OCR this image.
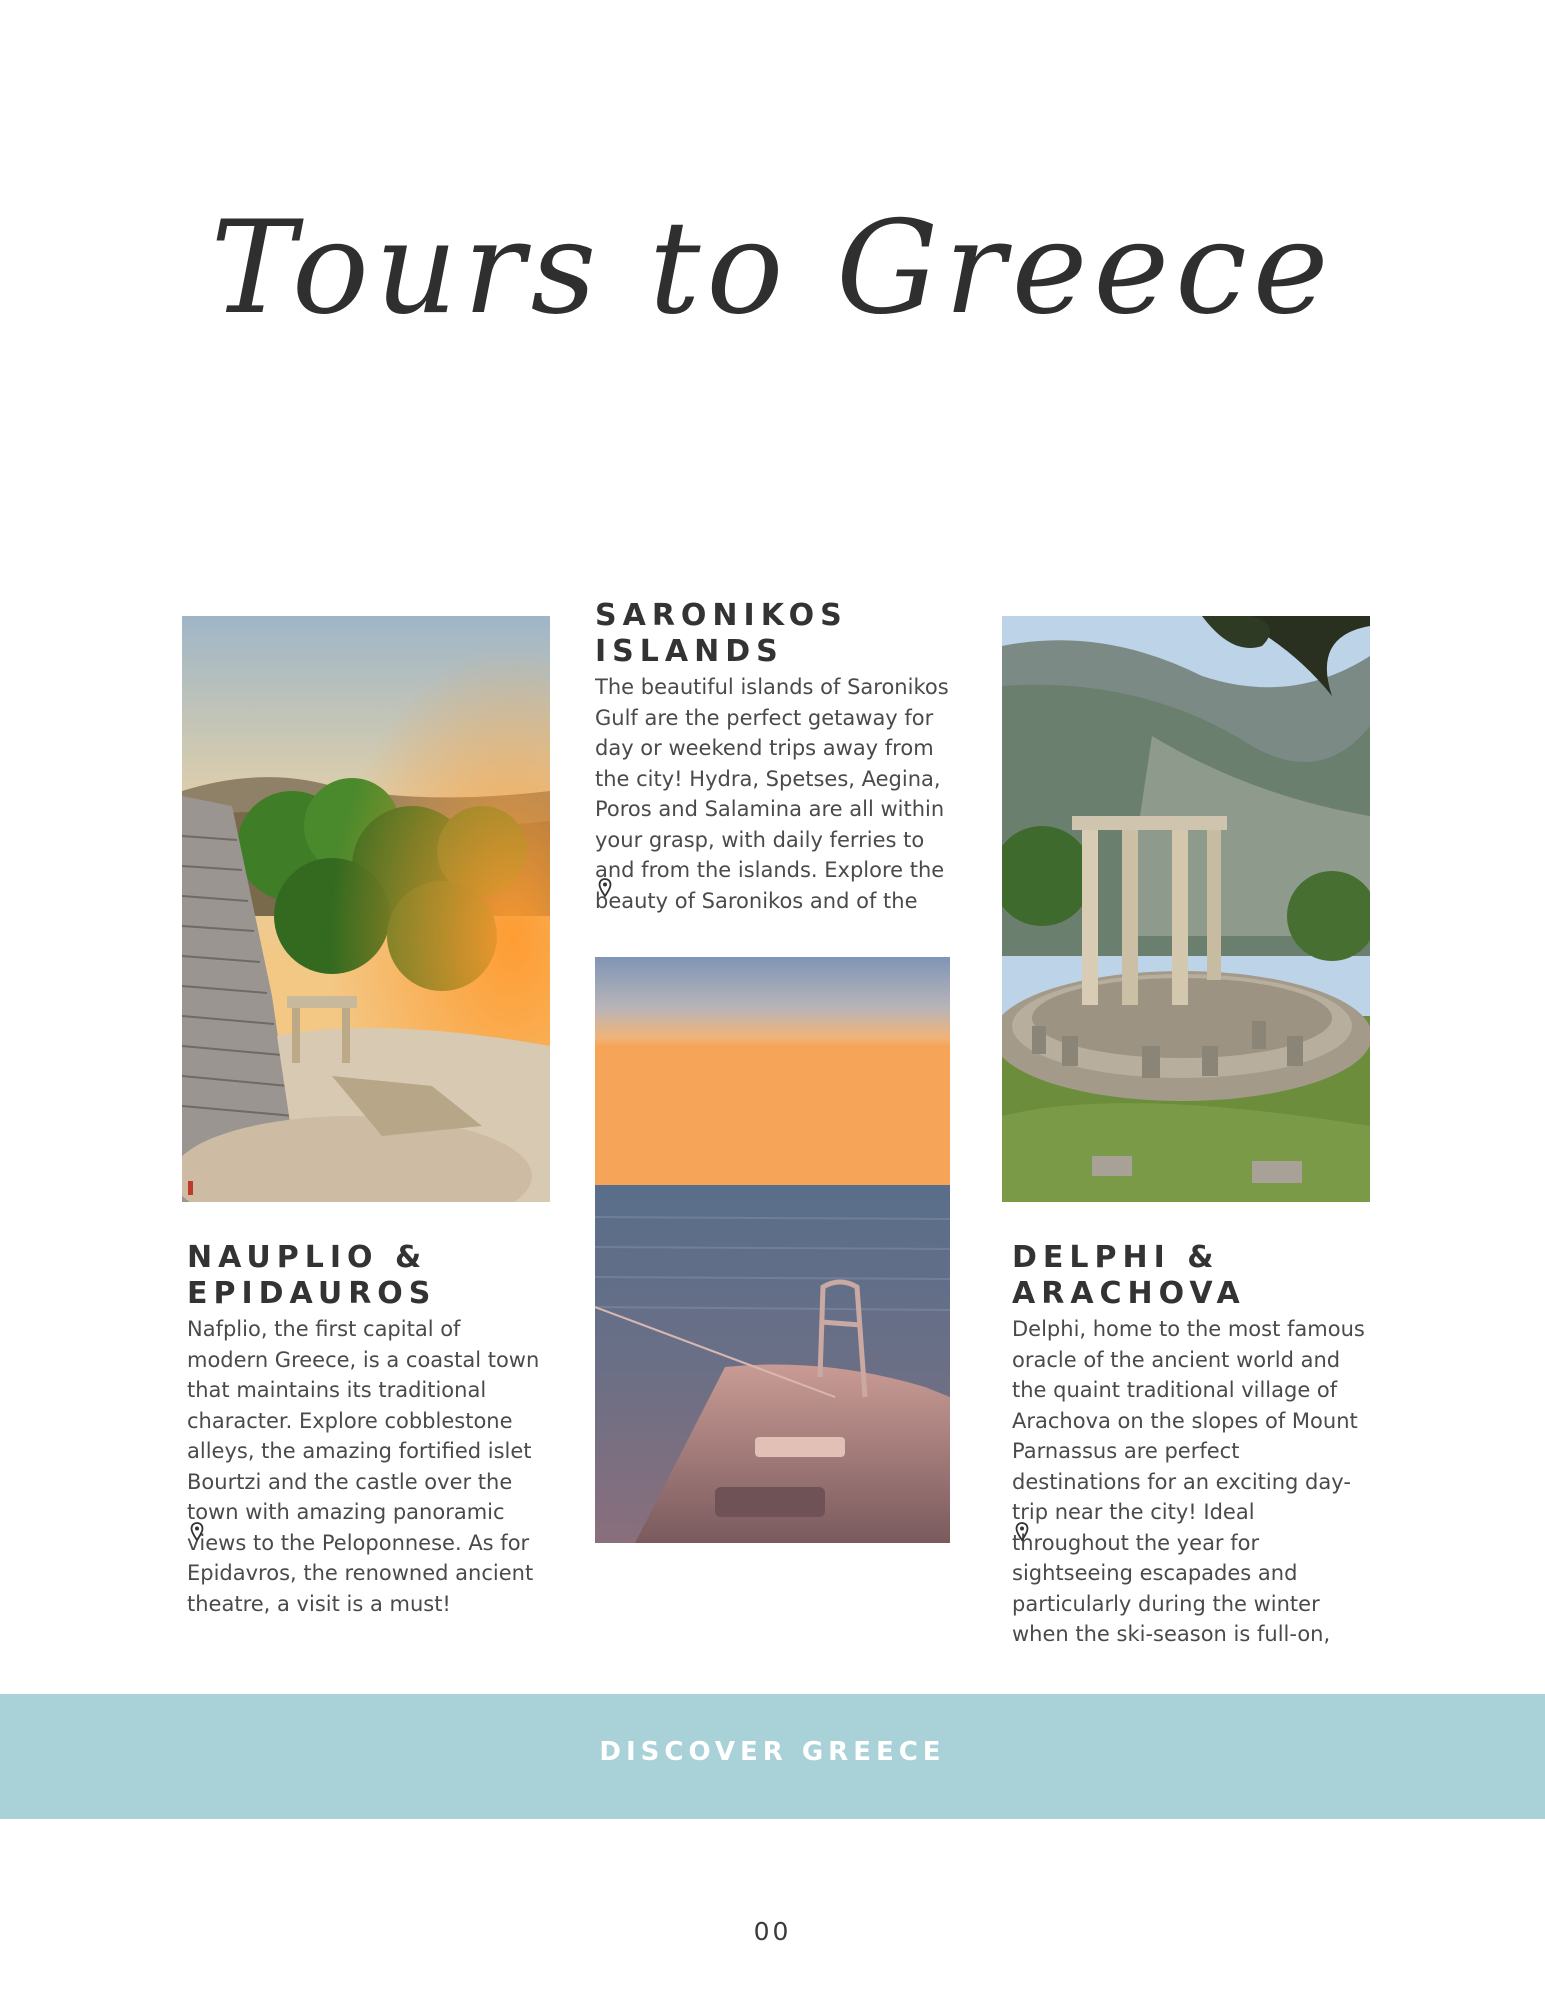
Tours to Greece
SARONIKOS ISLANDS

The beautiful islands of Saronikos Gulf are the perfect getaway for day or weekend trips away from the city! Hydra, Spetses, Aegina, Poros and Salamina are all within your grasp, with daily ferries to and from the islands. Explore the beauty of Saronikos and of the

NAUPLIO & EPIDAUROS

Nafplio, the first capital of modern Greece, is a coastal town that maintains its traditional character. Explore cobblestone alleys, the amazing fortified islet Bourtzi and the castle over the town with amazing panoramic views to the Peloponnese. As for Epidavros, the renowned ancient theatre, a visit is a must!

DELPHI & ARACHOVA

Delphi, home to the most famous oracle of the ancient world and the quaint traditional village of Arachova on the slopes of Mount Parnassus are perfect destinations for an exciting day-trip near the city! Ideal throughout the year for sightseeing escapades and particularly during the winter when the ski-season is full-on,

DISCOVER GREECE
00
